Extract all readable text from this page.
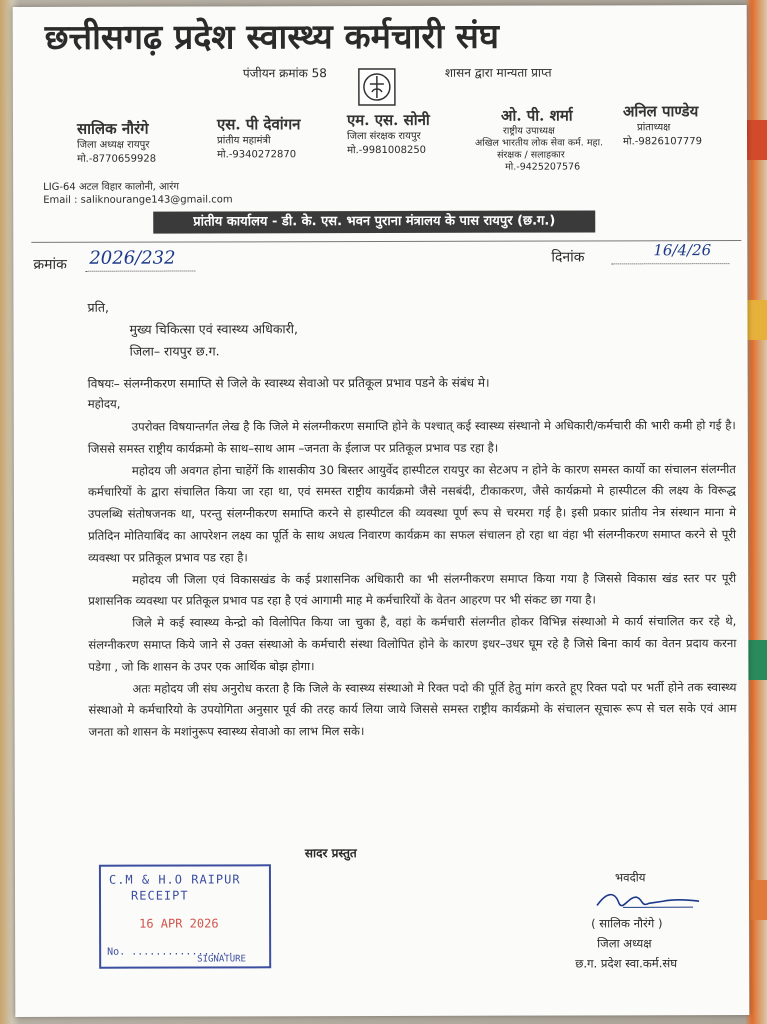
छत्तीसगढ़ प्रदेश स्वास्थ्य कर्मचारी संघ
पंजीयन क्रमांक 58	शासन द्वारा मान्यता प्राप्त
सालिक नौरंगे
जिला अध्यक्ष रायपुर
मो.-8770659928
एस. पी देवांगन
प्रांतीय महामंत्री
मो.-9340272870
एम. एस. सोनी
जिला संरक्षक रायपुर
मो.-9981008250
ओ. पी. शर्मा
राष्ट्रीय उपाध्यक्ष
अखिल भारतीय लोक सेवा कर्म. महा.
संरक्षक / सलाहकार
मो.-9425207576
अनिल पाण्डेय
प्रांताध्यक्ष
मो.-9826107779
LIG-64 अटल विहार कालोनी, आरंग
Email : saliknourange143@gmail.com
प्रांतीय कार्यालय - डी. के. एस. भवन पुराना मंत्रालय के पास रायपुर (छ.ग.)
क्रमांक 2026/232	दिनांक	16/4/26
प्रति,
मुख्य चिकित्सा एवं स्वास्थ्य अधिकारी,
जिला– रायपुर छ.ग.
विषयः– संलग्नीकरण समाप्ति से जिले के स्वास्थ्य सेवाओ पर प्रतिकूल प्रभाव पडने के संबंध मे।
महोदय,

उपरोक्त विषयान्तर्गत लेख है कि जिले मे संलग्नीकरण समाप्ति होने के पश्चात् कई स्वास्थ्य संस्थानो मे अधिकारी/कर्मचारी की भारी कमी हो गई है। जिससे समस्त राष्ट्रीय कार्यक्रमो के साथ–साथ आम –जनता के ईलाज पर प्रतिकूल प्रभाव पड रहा है।

महोदय जी अवगत होना चाहेंगें कि शासकीय 30 बिस्तर आयुर्वेद हास्पीटल रायपुर का सेटअप न होने के कारण समस्त कार्यो का संचालन संलग्नीत कर्मचारियों के द्वारा संचालित किया जा रहा था, एवं समस्त राष्ट्रीय कार्यक्रमो जैसे नसबंदी, टीकाकरण, जैसे कार्यक्रमो मे हास्पीटल की लक्ष्य के विरूद्ध उपलब्धि संतोषजनक था, परन्तु संलग्नीकरण समाप्ति करने से हास्पीटल की व्यवस्था पूर्ण रूप से चरमरा गई है। इसी प्रकार प्रांतीय नेत्र संस्थान माना मे प्रतिदिन मोतियाबिंद का आपरेशन लक्ष्य का पूर्ति के साथ अधत्व निवारण कार्यक्रम का सफल संचालन हो रहा था वंहा भी संलग्नीकरण समाप्त करने से पूरी व्यवस्था पर प्रतिकूल प्रभाव पड रहा है।

महोदय जी जिला एवं विकासखंड के कई प्रशासनिक अधिकारी का भी संलग्नीकरण समाप्त किया गया है जिससे विकास खंड स्तर पर पूरी प्रशासनिक व्यवस्था पर प्रतिकूल प्रभाव पड रहा है एवं आगामी माह मे कर्मचारियों के वेतन आहरण पर भी संकट छा गया है।

जिले मे कई स्वास्थ्य केन्द्रो को विलोपित किया जा चुका है, वहां के कर्मचारी संलग्नीत होकर विभिन्न संस्थाओ मे कार्य संचालित कर रहे थे, संलग्नीकरण समाप्त किये जाने से उक्त संस्थाओ के कर्मचारी संस्था विलोपित होने के कारण इधर–उधर घूम रहे है जिसे बिना कार्य का वेतन प्रदाय करना पडेगा , जो कि शासन के उपर एक आर्थिक बोझ होगा।

अतः महोदय जी संघ अनुरोध करता है कि जिले के स्वास्थ्य संस्थाओ मे रिक्त पदो की पूर्ति हेतु मांग करते हूए रिक्त पदो पर भर्ती होने तक स्वास्थ्य संस्थाओ मे कर्मचारियो के उपयोगिता अनुसार पूर्व की तरह कार्य लिया जाये जिससे समस्त राष्ट्रीय कार्यक्रमो के संचालन सूचारू रूप से चल सके एवं आम जनता को शासन के मशांनुरूप स्वास्थ्य सेवाओ का लाभ मिल सके।

सादर प्रस्तुत
C.M & H.O RAIPUR
RECEIPT
16 APR 2026
No. .................
SIGNATURE
भवदीय
( सालिक नौरंगे )
जिला अध्यक्ष
छ.ग. प्रदेश स्वा.कर्म.संघ
